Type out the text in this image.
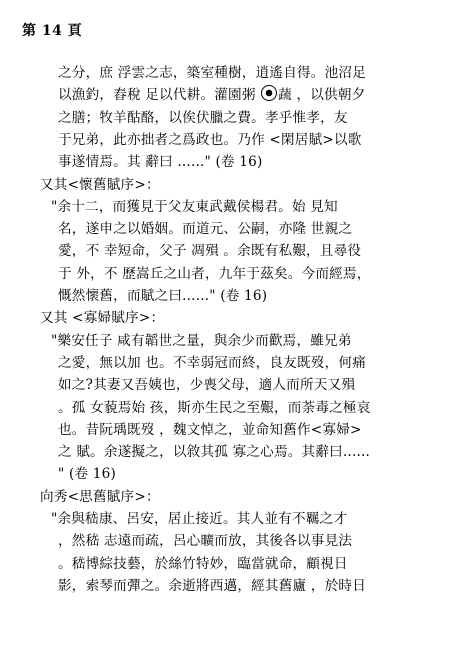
第 14 頁
之分，庶 浮雲之志，築室種樹，逍遙自得。池沼足
以漁釣，舂稅 足以代耕。灌園粥 蔬 ，以供朝夕
之膳；牧羊酤酪，以俟伏臘之費。孝乎惟孝，友
于兄弟，此亦拙者之爲政也。乃作 <閑居賦>以歌
事遂情焉。其 辭曰 ......" (卷 16)
又其<懷舊賦序>：
"余十二，而獲見于父友東武戴侯楊君。始 見知
名，遂申之以婚姻。而道元、公嗣，亦隆 世親之
愛，不 幸短命，父子 凋殞 。余既有私艱，且尋役
于 外，不 歷嵩丘之山者，九年于茲矣。今而經焉，
慨然懷舊，而賦之曰......" (卷 16)
又其 <寡婦賦序>：
"樂安任子 咸有韜世之量，與余少而歡焉，雖兄弟
之愛，無以加 也。不幸弱冠而終，良友既歿，何痛
如之?其妻又吾姨也，少喪父母，適人而所天又殞
。孤 女藐焉始 孩，斯亦生民之至艱，而荼毒之極哀
也。昔阮瑀既歿 ，魏文悼之，並命知舊作<寡婦>
之 賦。余遂擬之，以敘其孤 寡之心焉。其辭曰......
" (卷 16)
向秀<思舊賦序>：
"余與嵇康、呂安，居止接近。其人並有不羈之才
，然嵇 志遠而疏，呂心曠而放，其後各以事見法
。嵇博綜技藝，於絲竹特妙，臨當就命，顧視日
影，索琴而彈之。余逝將西邁，經其舊廬 ，於時日
